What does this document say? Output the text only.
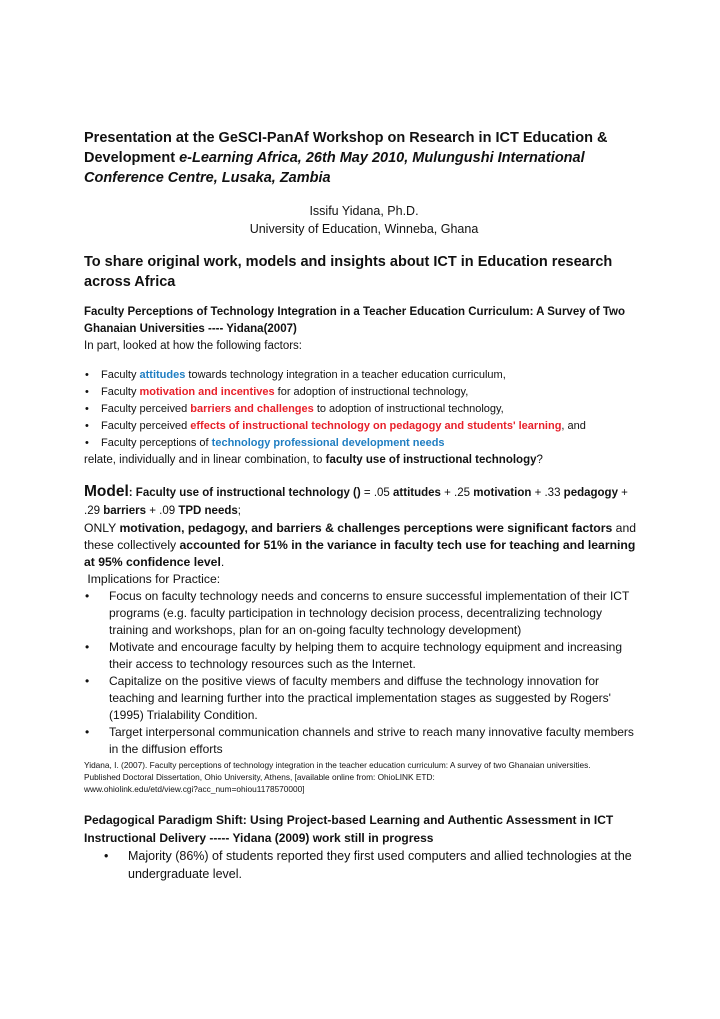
Presentation at the GeSCI-PanAf Workshop on Research in ICT Education & Development e-Learning Africa, 26th May 2010, Mulungushi International Conference Centre, Lusaka, Zambia
Issifu Yidana, Ph.D.
University of Education, Winneba, Ghana
To share original work, models and insights about ICT in Education research across Africa
Faculty Perceptions of Technology Integration in a Teacher Education Curriculum: A Survey of Two Ghanaian Universities ---- Yidana(2007)
In part, looked at how the following factors:
• Faculty attitudes towards technology integration in a teacher education curriculum,
• Faculty motivation and incentives for adoption of instructional technology,
• Faculty perceived barriers and challenges to adoption of instructional technology,
• Faculty perceived effects of instructional technology on pedagogy and students' learning, and
• Faculty perceptions of technology professional development needs
relate, individually and in linear combination, to faculty use of instructional technology?
Model: Faculty use of instructional technology () = .05 attitudes + .25 motivation + .33 pedagogy + .29 barriers + .09 TPD needs;
ONLY motivation, pedagogy, and barriers & challenges perceptions were significant factors and these collectively accounted for 51% in the variance in faculty tech use for teaching and learning at 95% confidence level.
Implications for Practice:
• Focus on faculty technology needs and concerns to ensure successful implementation of their ICT programs (e.g. faculty participation in technology decision process, decentralizing technology training and workshops, plan for an on-going faculty technology development)
• Motivate and encourage faculty by helping them to acquire technology equipment and increasing their access to technology resources such as the Internet.
• Capitalize on the positive views of faculty members and diffuse the technology innovation for teaching and learning further into the practical implementation stages as suggested by Rogers' (1995) Trialability Condition.
• Target interpersonal communication channels and strive to reach many innovative faculty members in the diffusion efforts
Yidana, I. (2007). Faculty perceptions of technology integration in the teacher education curriculum: A survey of two Ghanaian universities.
Published Doctoral Dissertation, Ohio University, Athens, [available online from: OhioLINK ETD:
www.ohiolink.edu/etd/view.cgi?acc_num=ohiou1178570000]
Pedagogical Paradigm Shift: Using Project-based Learning and Authentic Assessment in ICT Instructional Delivery ----- Yidana (2009) work still in progress
• Majority (86%) of students reported they first used computers and allied technologies at the undergraduate level.
